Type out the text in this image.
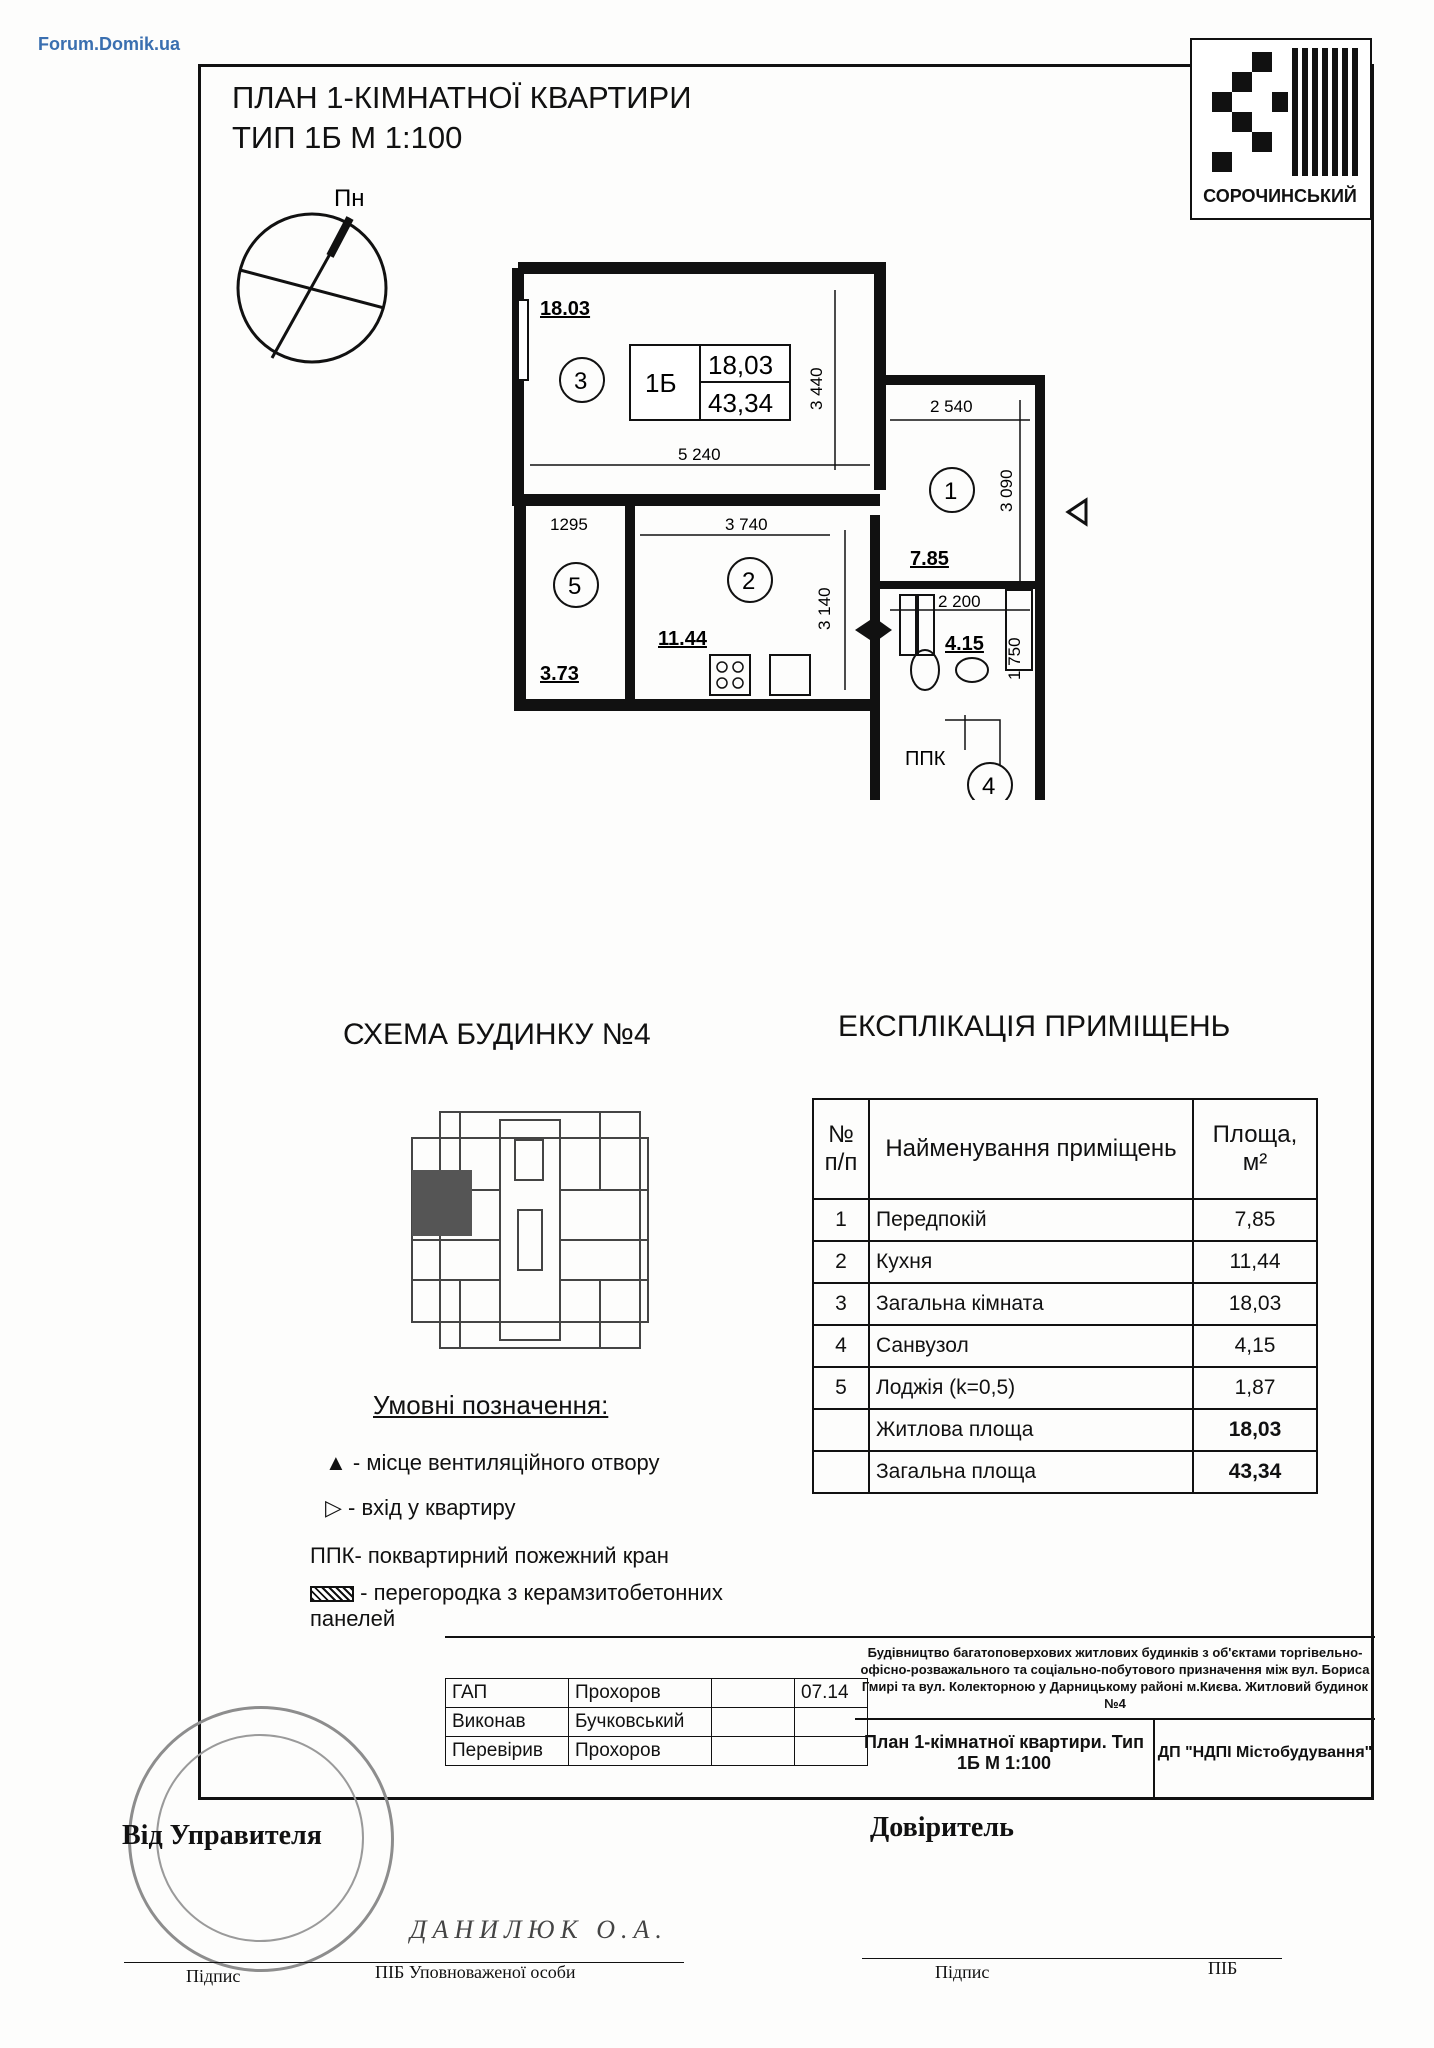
Forum.Domik.ua
ПЛАН 1-КІМНАТНОЇ КВАРТИРИ
ТИП 1Б М 1:100
СОРОЧИНСЬКИЙ
Пн
1Б
18,03
43,34
3
1
2
5
4
18.03
7.85
11.44	4.15
3.73
5 240
3 440	2 540
3 090
1295	3 740
3 140	2 200
1 750
ППК
СХЕМА БУДИНКУ №4	ЕКСПЛІКАЦІЯ ПРИМІЩЕНЬ
№ п/п	Найменування приміщень	Площа, м²
1	Передпокій	7,85
2	Кухня	11,44
3	Загальна кімната	18,03
4	Санвузол	4,15
5	Лоджія (k=0,5)	1,87
	Житлова площа	18,03
	Загальна площа	43,34
Умовні позначення:
▲ - місце вентиляційного отвору
▷ - вхід у квартиру
ППК- поквартирний пожежний кран
- перегородка з керамзитобетонних панелей
ГАП	Прохоров		07.14
Виконав	Бучковський		
Перевірив	Прохоров		
Будівництво багатоповерхових житлових будинків з об'єктами торгівельно-офісно-розважального та соціально-побутового призначення між вул. Бориса Гмирі та вул. Колекторною у Дарницькому районі м.Києва. Житловий будинок №4
План 1-кімнатної квартири. Тип 1Б М 1:100
ДП "НДПІ Містобудування"
Від Управителя	Довіритель
ДАНИЛЮК О.А.
Підпис	ПІБ Уповноваженої особи	Підпис	ПІБ
